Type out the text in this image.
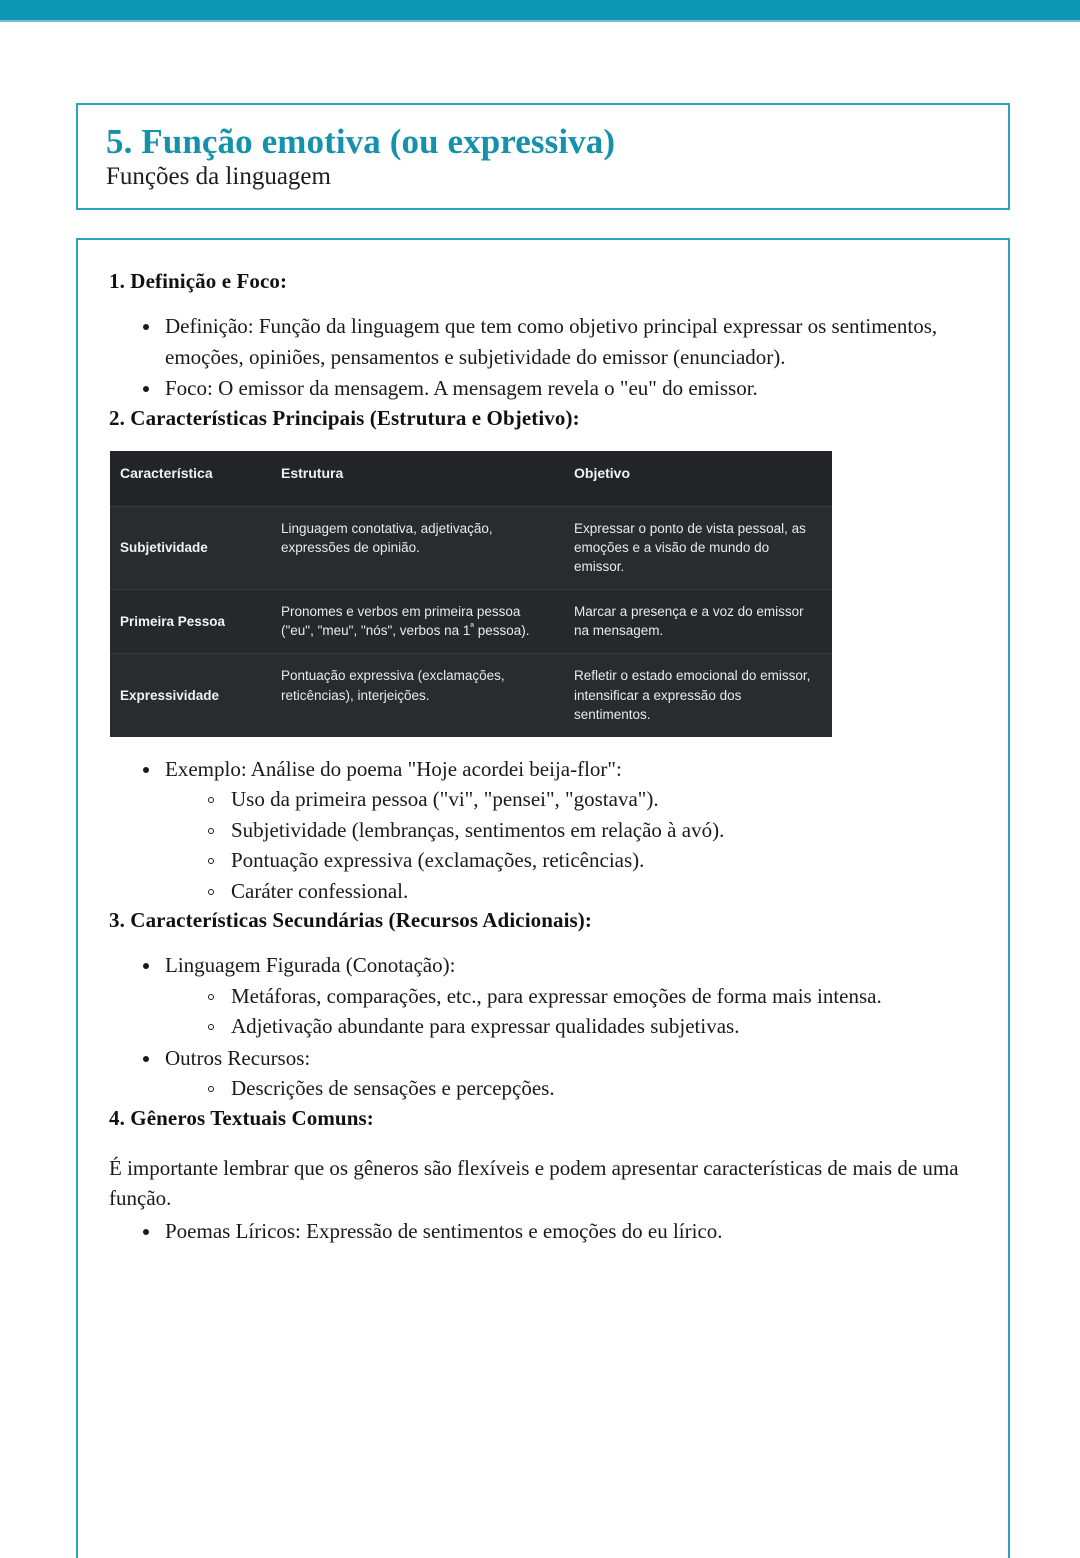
5. Função emotiva (ou expressiva)
Funções da linguagem
1. Definição e Foco:
Definição: Função da linguagem que tem como objetivo principal expressar os sentimentos, emoções, opiniões, pensamentos e subjetividade do emissor (enunciador).
Foco: O emissor da mensagem. A mensagem revela o "eu" do emissor.
2. Características Principais (Estrutura e Objetivo):
Característica	Estrutura	Objetivo
Subjetividade	Linguagem conotativa, adjetivação, expressões de opinião.	Expressar o ponto de vista pessoal, as emoções e a visão de mundo do emissor.
Primeira Pessoa	Pronomes e verbos em primeira pessoa ("eu", "meu", "nós", verbos na $1^ª$ pessoa).	Marcar a presença e a voz do emissor na mensagem.
Expressividade	Pontuação expressiva (exclamações, reticências), interjeições.	Refletir o estado emocional do emissor, intensificar a expressão dos sentimentos.
Exemplo: Análise do poema "Hoje acordei beija-flor":
Uso da primeira pessoa ("vi", "pensei", "gostava").
Subjetividade (lembranças, sentimentos em relação à avó).
Pontuação expressiva (exclamações, reticências).
Caráter confessional.
3. Características Secundárias (Recursos Adicionais):
Linguagem Figurada (Conotação):
Metáforas, comparações, etc., para expressar emoções de forma mais intensa.
Adjetivação abundante para expressar qualidades subjetivas.
Outros Recursos:
Descrições de sensações e percepções.
4. Gêneros Textuais Comuns:

É importante lembrar que os gêneros são flexíveis e podem apresentar características de mais de uma função.

Poemas Líricos: Expressão de sentimentos e emoções do eu lírico.
